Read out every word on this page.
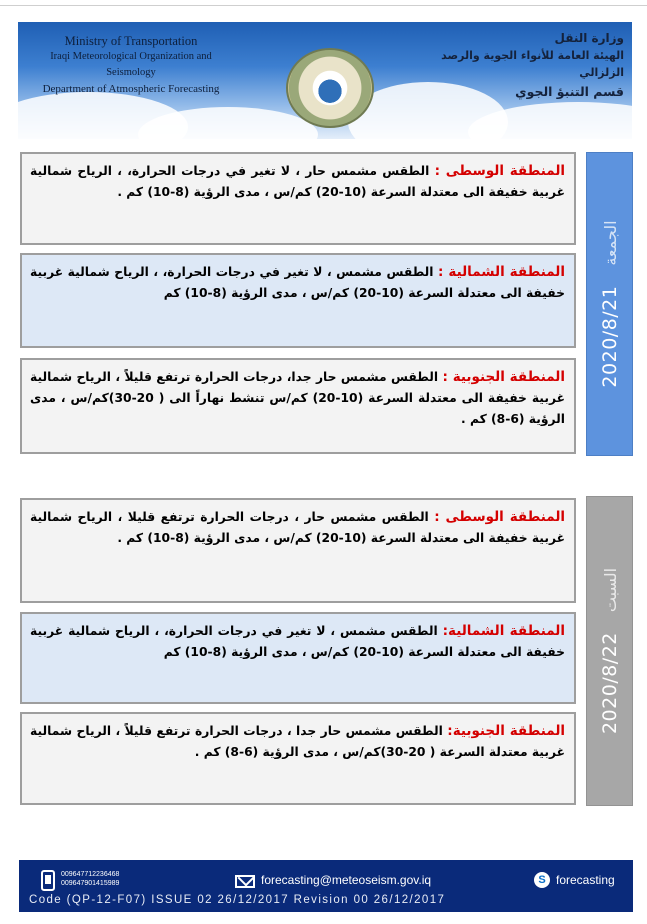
Ministry of Transportation
Iraqi Meteorological Organization and Seismology
Department of Atmospheric Forecasting
وزارة النقل
الهيئة العامة للأنواء الجوية والرصد الزلزالي
قسم التنبؤ الجوي
2020/8/21
الجمعة
المنطقة الوسطى : الطقس مشمس حار ، لا تغير في درجات الحرارة، ، الرياح شمالية غربية خفيفة الى معتدلة السرعة (10-20) كم/س ، مدى الرؤية (8-10) كم .
المنطقة الشمالية : الطقس مشمس ، لا تغير في درجات الحرارة، ، الرياح شمالية غربية خفيفة الى معتدلة السرعة (10-20) كم/س ، مدى الرؤية (8-10) كم
المنطقة الجنوبية : الطقس مشمس حار جدا، درجات الحرارة ترتفع قليلاً ، الرياح شمالية غربية خفيفة الى معتدلة السرعة (10-20) كم/س تنشط نهاراً الى ( 20-30)كم/س ، مدى الرؤية (6-8) كم .
2020/8/22
السبت
المنطقة الوسطى : الطقس مشمس حار ، درجات الحرارة ترتفع قليلا ، الرياح شمالية غربية خفيفة الى معتدلة السرعة (10-20) كم/س ، مدى الرؤية (8-10) كم .
المنطقة الشمالية: الطقس مشمس ، لا تغير في درجات الحرارة، ، الرياح شمالية غربية خفيفة الى معتدلة السرعة (10-20) كم/س ، مدى الرؤية (8-10) كم
المنطقة الجنوبية: الطقس مشمس حار جدا ، درجات الحرارة ترتفع قليلاً ، الرياح شمالية غربية معتدلة السرعة ( 20-30)كم/س ، مدى الرؤية (6-8) كم .
009647712236468
009647901415989	forecasting@meteoseism.gov.iq	S forecasting
Code (QP-12-F07) ISSUE 02 26/12/2017 Revision 00 26/12/2017
